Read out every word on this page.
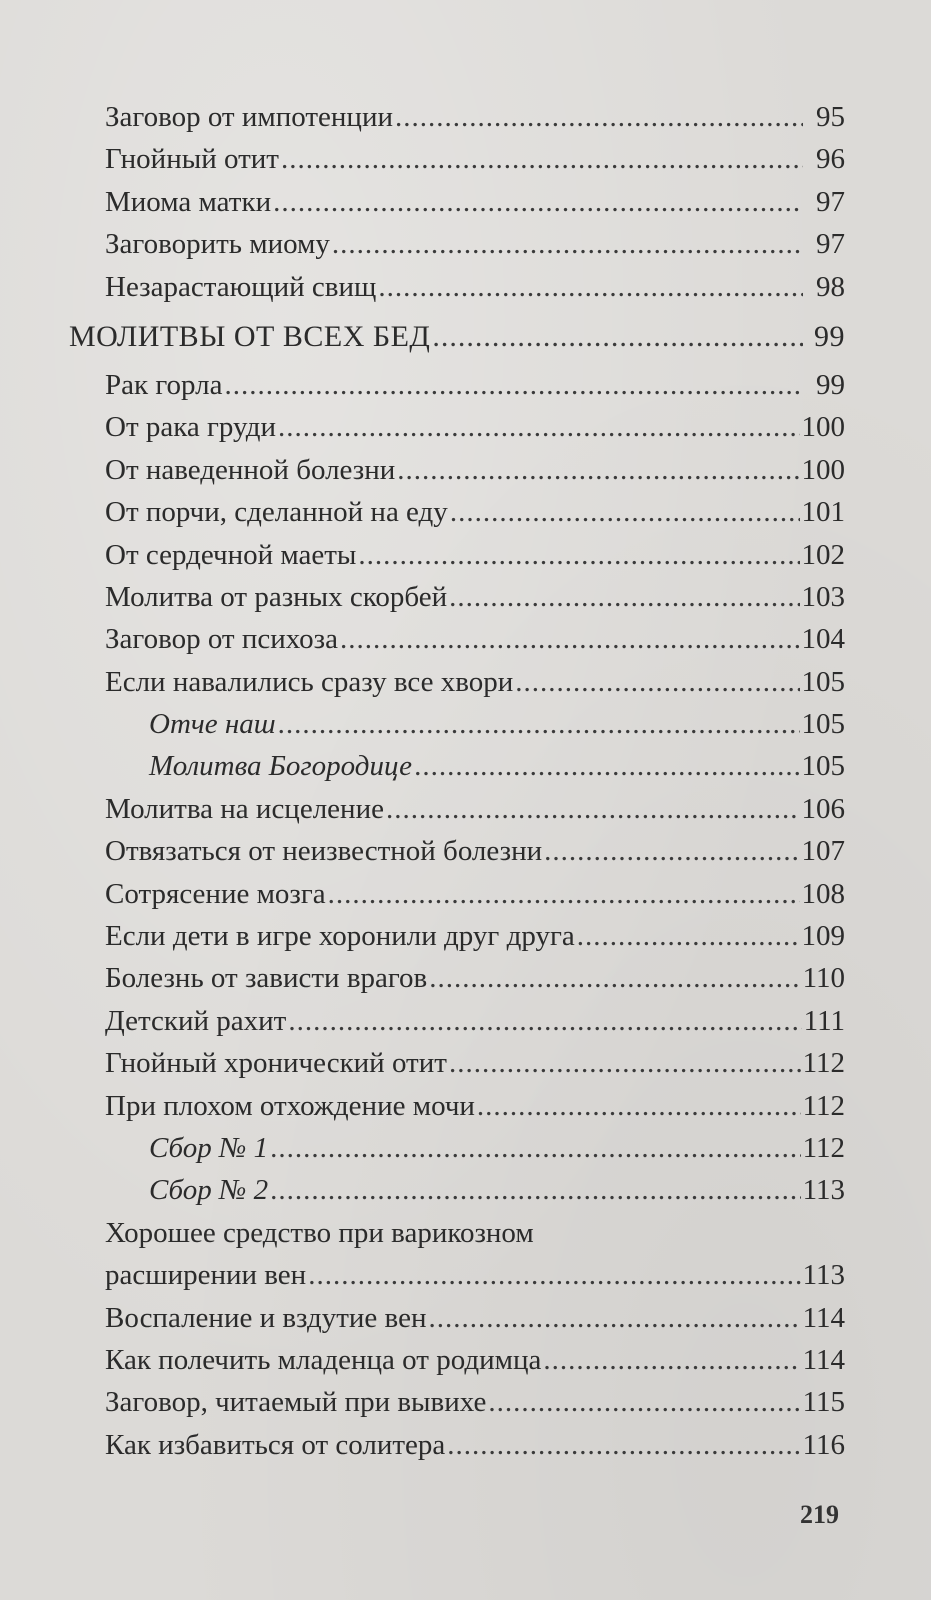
Заговор от импотенции .....	95
Гнойный отит .....	96
Миома матки .....	97
Заговорить миому .....	97
Незарастающий свищ .....	98
МОЛИТВЫ ОТ ВСЕХ БЕД .....	99
Рак горла .....	99
От рака груди .....	100
От наведенной болезни .....	100
От порчи, сделанной на еду .....	101
От сердечной маеты .....	102
Молитва от разных скорбей .....	103
Заговор от психоза .....	104
Если навалились сразу все хвори .....	105
Отче наш .....	105
Молитва Богородице .....	105
Молитва на исцеление .....	106
Отвязаться от неизвестной болезни .....	107
Сотрясение мозга .....	108
Если дети в игре хоронили друг друга .....	109
Болезнь от зависти врагов .....	110
Детский рахит .....	111
Гнойный хронический отит .....	112
При плохом отхождение мочи .....	112
Сбор № 1 .....	112
Сбор № 2 .....	113
Хорошее средство при варикозном
расширении вен .....	113
Воспаление и вздутие вен .....	114
Как полечить младенца от родимца .....	114
Заговор, читаемый при вывихе .....	115
Как избавиться от солитера .....	116
219
